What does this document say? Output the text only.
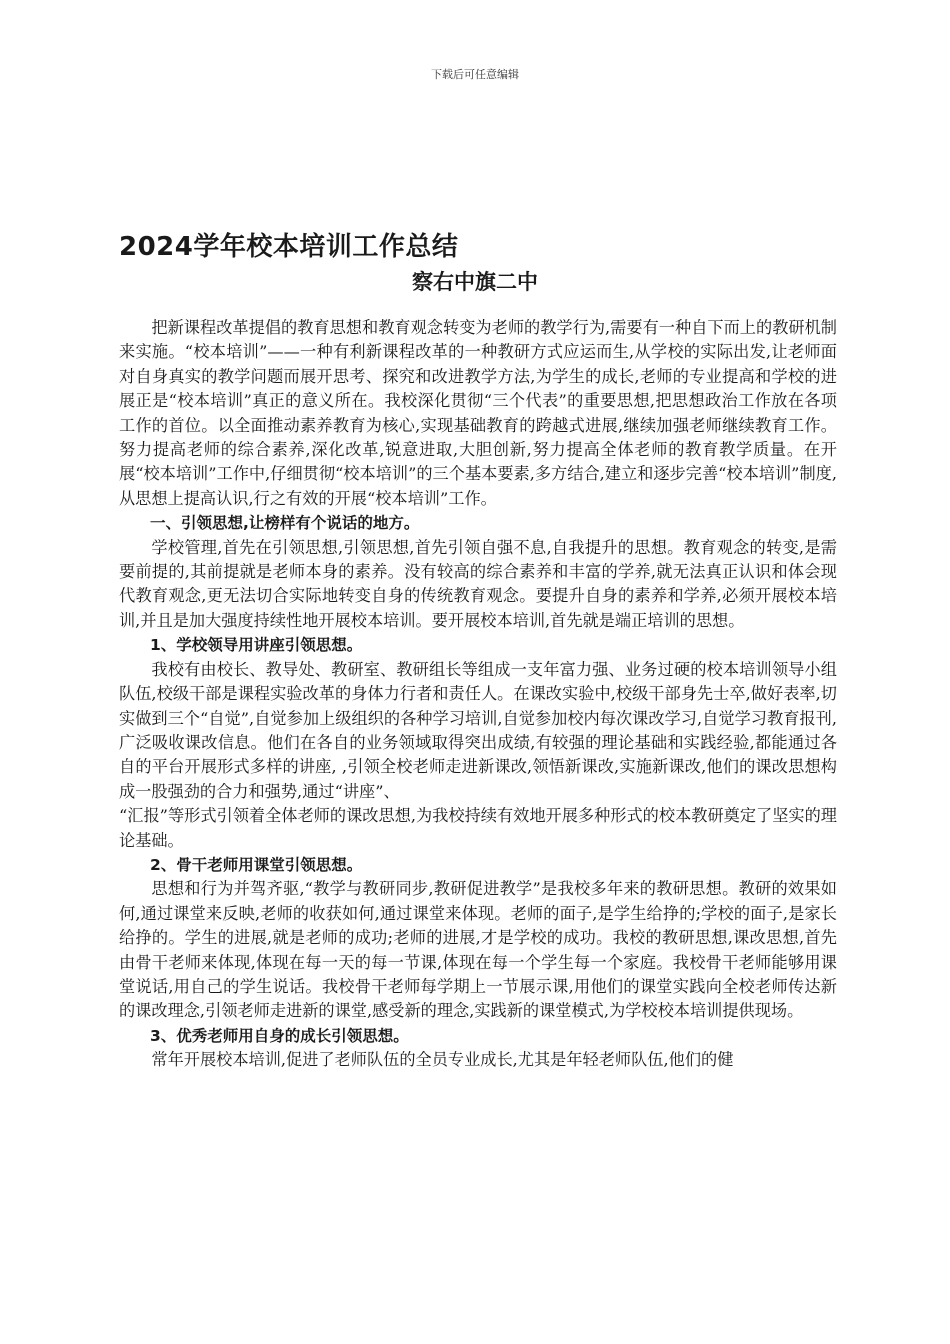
下载后可任意编辑
2024学年校本培训工作总结
察右中旗二中

把新课程改革提倡的教育思想和教育观念转变为老师的教学行为,需要有一种自下而上的教研机制来实施。“校本培训”——一种有利新课程改革的一种教研方式应运而生,从学校的实际出发,让老师面对自身真实的教学问题而展开思考、探究和改进教学方法,为学生的成长,老师的专业提高和学校的进展正是“校本培训”真正的意义所在。我校深化贯彻“三个代表”的重要思想,把思想政治工作放在各项工作的首位。以全面推动素养教育为核心,实现基础教育的跨越式进展,继续加强老师继续教育工作。努力提高老师的综合素养,深化改革,锐意进取,大胆创新,努力提高全体老师的教育教学质量。在开展“校本培训”工作中,仔细贯彻“校本培训”的三个基本要素,多方结合,建立和逐步完善“校本培训”制度,从思想上提高认识,行之有效的开展“校本培训”工作。

一、引领思想,让榜样有个说话的地方。

学校管理,首先在引领思想,引领思想,首先引领自强不息,自我提升的思想。教育观念的转变,是需要前提的,其前提就是老师本身的素养。没有较高的综合素养和丰富的学养,就无法真正认识和体会现代教育观念,更无法切合实际地转变自身的传统教育观念。要提升自身的素养和学养,必须开展校本培训,并且是加大强度持续性地开展校本培训。要开展校本培训,首先就是端正培训的思想。

1、学校领导用讲座引领思想。

我校有由校长、教导处、教研室、教研组长等组成一支年富力强、业务过硬的校本培训领导小组队伍,校级干部是课程实验改革的身体力行者和责任人。在课改实验中,校级干部身先士卒,做好表率,切实做到三个“自觉”,自觉参加上级组织的各种学习培训,自觉参加校内每次课改学习,自觉学习教育报刊,广泛吸收课改信息。他们在各自的业务领域取得突出成绩,有较强的理论基础和实践经验,都能通过各自的平台开展形式多样的讲座, ,引领全校老师走进新课改,领悟新课改,实施新课改,他们的课改思想构成一股强劲的合力和强势,通过“讲座”、

“汇报”等形式引领着全体老师的课改思想,为我校持续有效地开展多种形式的校本教研奠定了坚实的理论基础。

2、骨干老师用课堂引领思想。

思想和行为并驾齐驱,“教学与教研同步,教研促进教学”是我校多年来的教研思想。教研的效果如何,通过课堂来反映,老师的收获如何,通过课堂来体现。老师的面子,是学生给挣的;学校的面子,是家长给挣的。学生的进展,就是老师的成功;老师的进展,才是学校的成功。我校的教研思想,课改思想,首先由骨干老师来体现,体现在每一天的每一节课,体现在每一个学生每一个家庭。我校骨干老师能够用课堂说话,用自己的学生说话。我校骨干老师每学期上一节展示课,用他们的课堂实践向全校老师传达新的课改理念,引领老师走进新的课堂,感受新的理念,实践新的课堂模式,为学校校本培训提供现场。

3、优秀老师用自身的成长引领思想。

常年开展校本培训,促进了老师队伍的全员专业成长,尤其是年轻老师队伍,他们的健
